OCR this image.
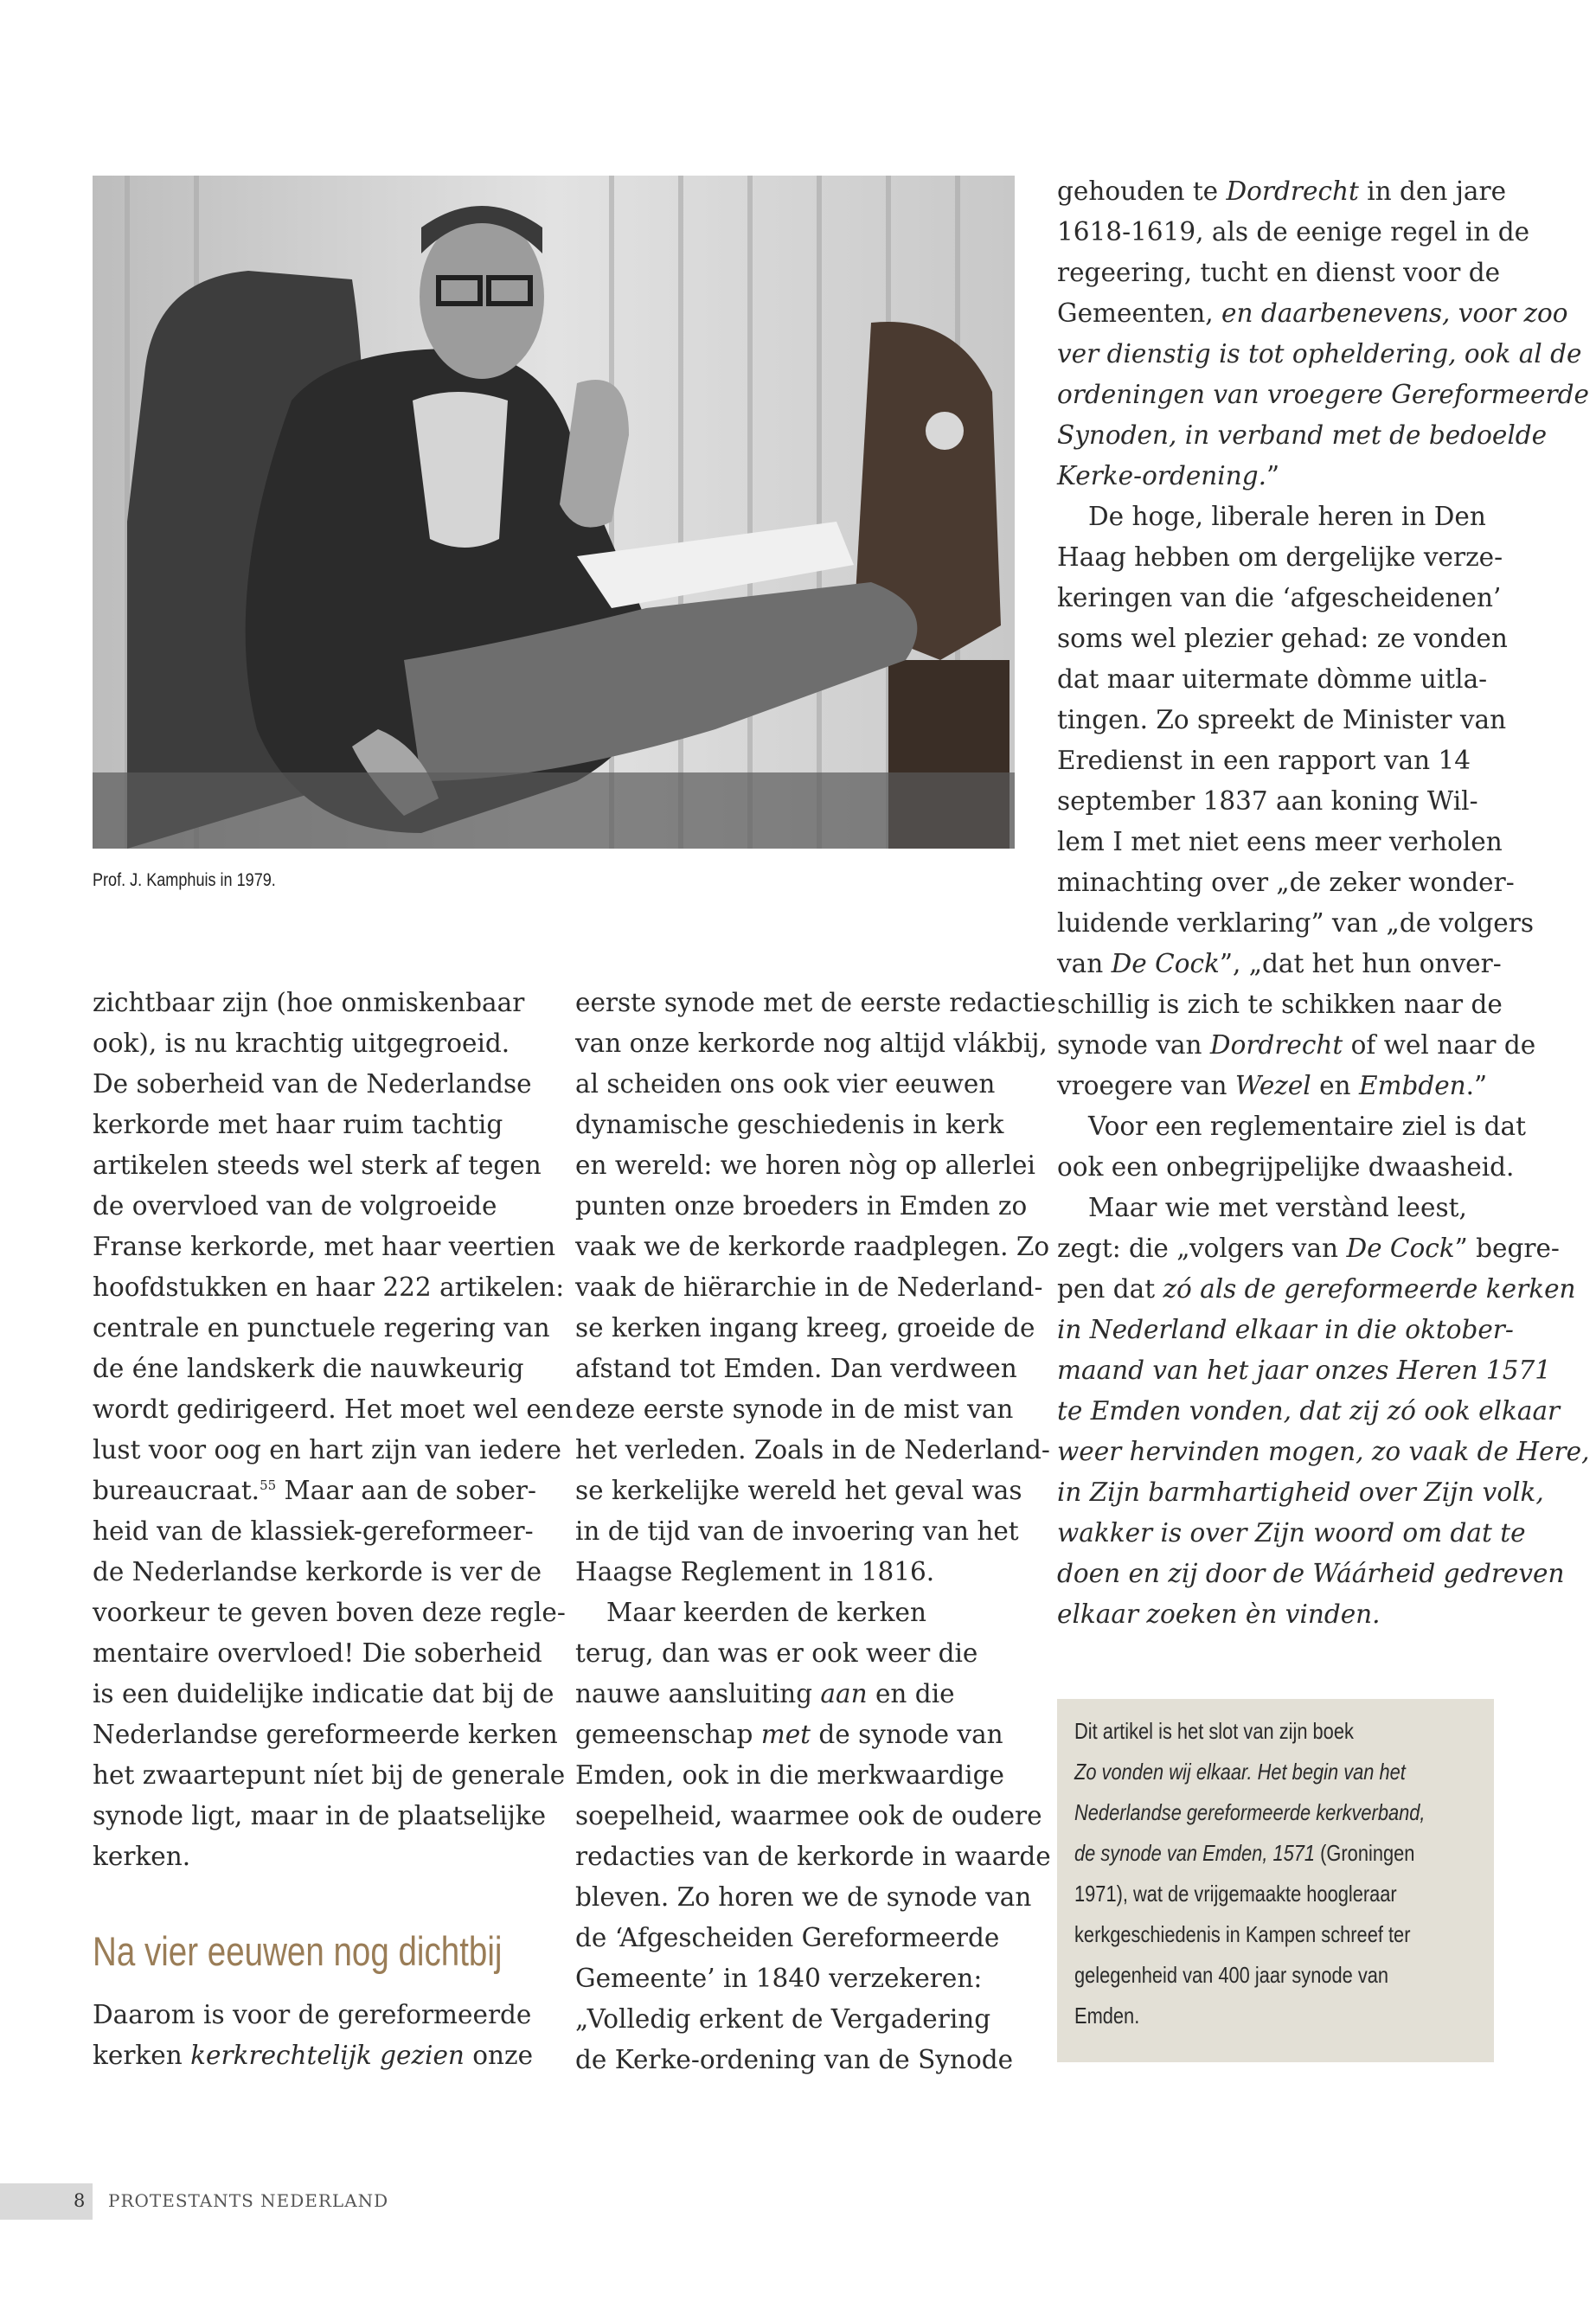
Prof. J. Kamphuis in 1979.
zichtbaar zijn (hoe onmiskenbaar
ook), is nu krachtig uitgegroeid.
De soberheid van de Nederlandse
kerkorde met haar ruim tachtig
artikelen steeds wel sterk af tegen
de overvloed van de volgroeide
Franse kerkorde, met haar veertien
hoofdstukken en haar 222 artikelen:
centrale en punctuele regering van
de éne landskerk die nauwkeurig
wordt gedirigeerd. Het moet wel een
lust voor oog en hart zijn van iedere
bureaucraat.$^{55}$ Maar aan de sober-
heid van de klassiek-gereformeer-
de Nederlandse kerkorde is ver de
voorkeur te geven boven deze regle-
mentaire overvloed! Die soberheid
is een duidelijke indicatie dat bij de
Nederlandse gereformeerde kerken
het zwaartepunt níet bij de generale
synode ligt, maar in de plaatselijke
kerken.
Na vier eeuwen nog dichtbij
Daarom is voor de gereformeerde
kerken kerkrechtelijk gezien onze
eerste synode met de eerste redactie
van onze kerkorde nog altijd vlákbij,
al scheiden ons ook vier eeuwen
dynamische geschiedenis in kerk
en wereld: we horen nòg op allerlei
punten onze broeders in Emden zo
vaak we de kerkorde raadplegen. Zo
vaak de hiërarchie in de Nederland-
se kerken ingang kreeg, groeide de
afstand tot Emden. Dan verdween
deze eerste synode in de mist van
het verleden. Zoals in de Nederland-
se kerkelijke wereld het geval was
in de tijd van de invoering van het
Haagse Reglement in 1816.
Maar keerden de kerken
terug, dan was er ook weer die
nauwe aansluiting aan en die
gemeenschap met de synode van
Emden, ook in die merkwaardige
soepelheid, waarmee ook de oudere
redacties van de kerkorde in waarde
bleven. Zo horen we de synode van
de ‘Afgescheiden Gereformeerde
Gemeente’ in 1840 verzekeren:
„Volledig erkent de Vergadering
de Kerke-ordening van de Synode
gehouden te Dordrecht in den jare
1618-1619, als de eenige regel in de
regeering, tucht en dienst voor de
Gemeenten, en daarbenevens, voor zoo
ver dienstig is tot opheldering, ook al de
ordeningen van vroegere Gereformeerde
Synoden, in verband met de bedoelde
Kerke-ordening.”
De hoge, liberale heren in Den
Haag hebben om dergelijke verze-
keringen van die ‘afgescheidenen’
soms wel plezier gehad: ze vonden
dat maar uitermate dòmme uitla-
tingen. Zo spreekt de Minister van
Eredienst in een rapport van 14
september 1837 aan koning Wil-
lem I met niet eens meer verholen
minachting over „de zeker wonder-
luidende verklaring” van „de volgers
van De Cock”, „dat het hun onver-
schillig is zich te schikken naar de
synode van Dordrecht of wel naar de
vroegere van Wezel en Embden.”
Voor een reglementaire ziel is dat
ook een onbegrijpelijke dwaasheid.
Maar wie met verstànd leest,
zegt: die „volgers van De Cock” begre-
pen dat zó als de gereformeerde kerken
in Nederland elkaar in die oktober-
maand van het jaar onzes Heren 1571
te Emden vonden, dat zij zó ook elkaar
weer hervinden mogen, zo vaak de Here,
in Zijn barmhartigheid over Zijn volk,
wakker is over Zijn woord om dat te
doen en zij door de Wáárheid gedreven
elkaar zoeken èn vinden.
Dit artikel is het slot van zijn boek
Zo vonden wij elkaar. Het begin van het
Nederlandse gereformeerde kerkverband,
de synode van Emden, 1571 (Groningen
1971), wat de vrijgemaakte hoogleraar
kerkgeschiedenis in Kampen schreef ter
gelegenheid van 400 jaar synode van
Emden.
8 PROTESTANTS NEDERLAND
